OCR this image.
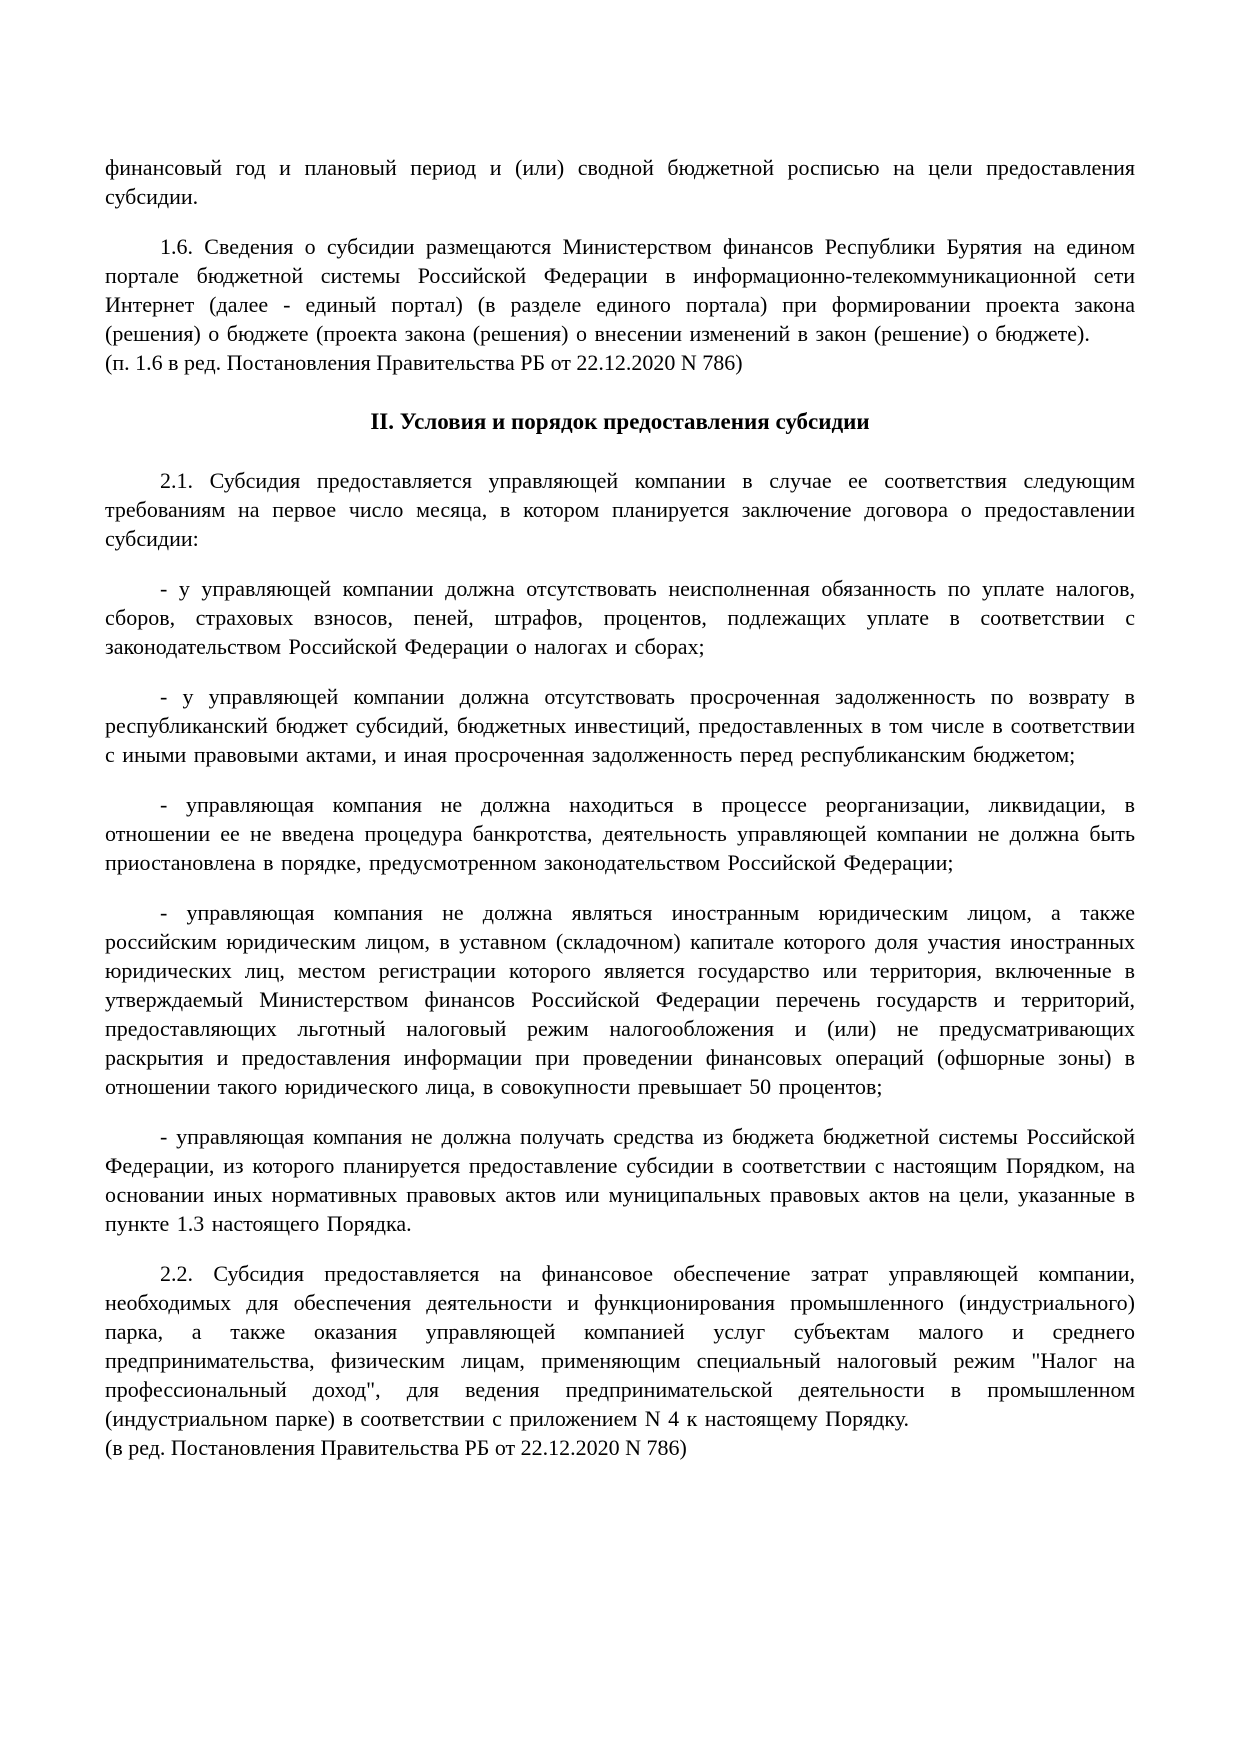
финансовый год и плановый период и (или) сводной бюджетной росписью на цели предоставления субсидии.

1.6. Сведения о субсидии размещаются Министерством финансов Республики Бурятия на едином портале бюджетной системы Российской Федерации в информационно-телекоммуникационной сети Интернет (далее - единый портал) (в разделе единого портала) при формировании проекта закона (решения) о бюджете (проекта закона (решения) о внесении изменений в закон (решение) о бюджете).

(п. 1.6 в ред. Постановления Правительства РБ от 22.12.2020 N 786)

II. Условия и порядок предоставления субсидии

2.1. Субсидия предоставляется управляющей компании в случае ее соответствия следующим требованиям на первое число месяца, в котором планируется заключение договора о предоставлении субсидии:

- у управляющей компании должна отсутствовать неисполненная обязанность по уплате налогов, сборов, страховых взносов, пеней, штрафов, процентов, подлежащих уплате в соответствии с законодательством Российской Федерации о налогах и сборах;

- у управляющей компании должна отсутствовать просроченная задолженность по возврату в республиканский бюджет субсидий, бюджетных инвестиций, предоставленных в том числе в соответствии с иными правовыми актами, и иная просроченная задолженность перед республиканским бюджетом;

- управляющая компания не должна находиться в процессе реорганизации, ликвидации, в отношении ее не введена процедура банкротства, деятельность управляющей компании не должна быть приостановлена в порядке, предусмотренном законодательством Российской Федерации;

- управляющая компания не должна являться иностранным юридическим лицом, а также российским юридическим лицом, в уставном (складочном) капитале которого доля участия иностранных юридических лиц, местом регистрации которого является государство или территория, включенные в утверждаемый Министерством финансов Российской Федерации перечень государств и территорий, предоставляющих льготный налоговый режим налогообложения и (или) не предусматривающих раскрытия и предоставления информации при проведении финансовых операций (офшорные зоны) в отношении такого юридического лица, в совокупности превышает 50 процентов;

- управляющая компания не должна получать средства из бюджета бюджетной системы Российской Федерации, из которого планируется предоставление субсидии в соответствии с настоящим Порядком, на основании иных нормативных правовых актов или муниципальных правовых актов на цели, указанные в пункте 1.3 настоящего Порядка.

2.2. Субсидия предоставляется на финансовое обеспечение затрат управляющей компании, необходимых для обеспечения деятельности и функционирования промышленного (индустриального) парка, а также оказания управляющей компанией услуг субъектам малого и среднего предпринимательства, физическим лицам, применяющим специальный налоговый режим "Налог на профессиональный доход", для ведения предпринимательской деятельности в промышленном (индустриальном парке) в соответствии с приложением N 4 к настоящему Порядку.

(в ред. Постановления Правительства РБ от 22.12.2020 N 786)
